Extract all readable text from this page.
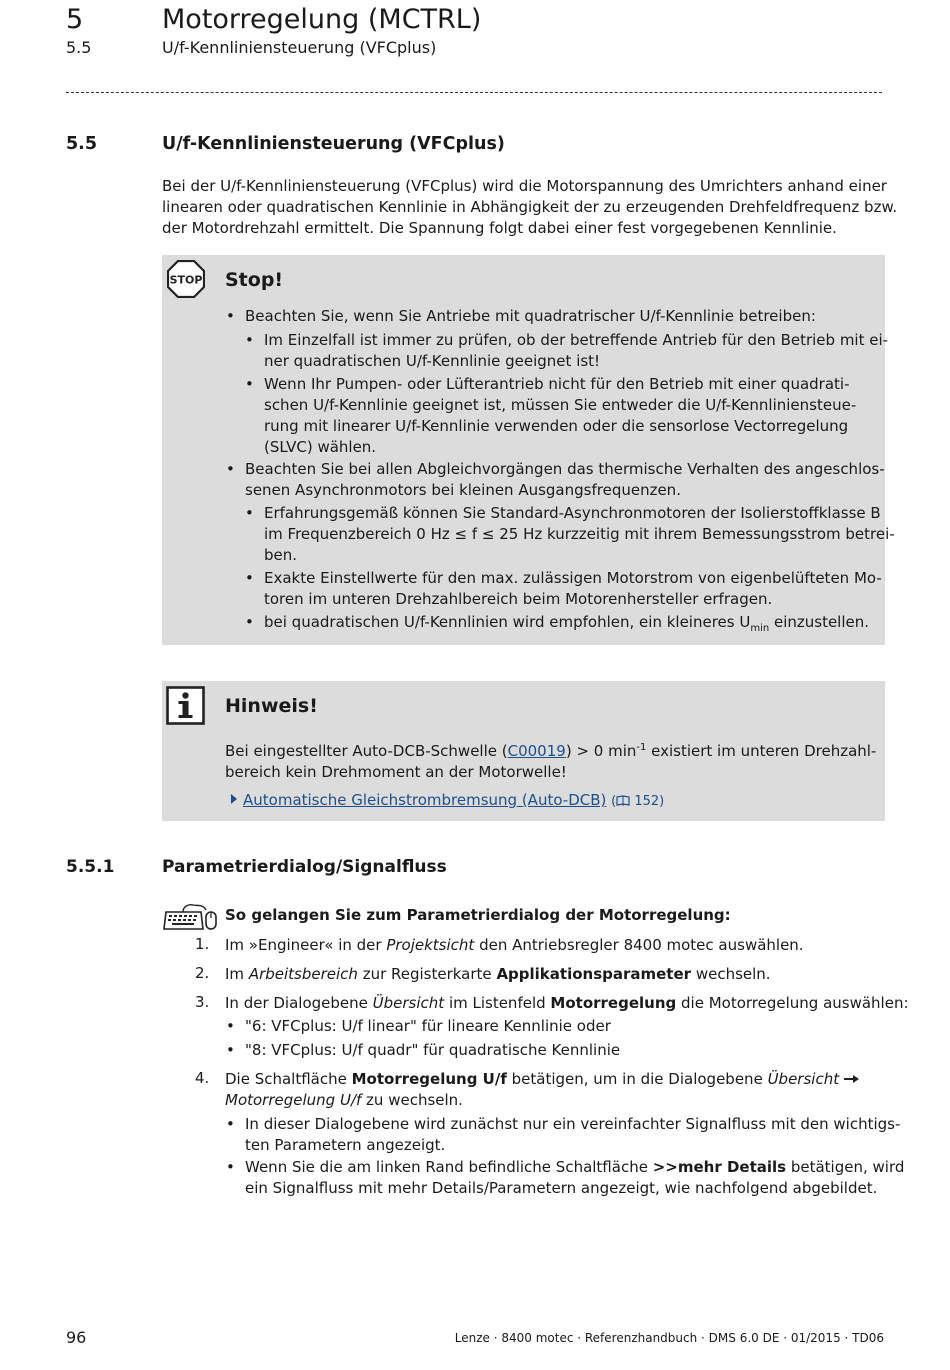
5	Motorregelung (MCTRL)
5.5	U/f-Kennliniensteuerung (VFCplus)
5.5	U/f-Kennliniensteuerung (VFCplus)
Bei der U/f-Kennliniensteuerung (VFCplus) wird die Motorspannung des Umrichters anhand einer
linearen oder quadratischen Kennlinie in Abhängigkeit der zu erzeugenden Drehfeldfrequenz bzw.
der Motordrehzahl ermittelt. Die Spannung folgt dabei einer fest vorgegebenen Kennlinie.
STOP Stop!
• Beachten Sie, wenn Sie Antriebe mit quadratrischer U/f-Kennlinie betreiben:
• Im Einzelfall ist immer zu prüfen, ob der betreffende Antrieb für den Betrieb mit ei-
ner quadratischen U/f-Kennlinie geeignet ist!
• Wenn Ihr Pumpen- oder Lüfterantrieb nicht für den Betrieb mit einer quadrati-
schen U/f-Kennlinie geeignet ist, müssen Sie entweder die U/f-Kennliniensteue-
rung mit linearer U/f-Kennlinie verwenden oder die sensorlose Vectorregelung
(SLVC) wählen.
• Beachten Sie bei allen Abgleichvorgängen das thermische Verhalten des angeschlos-
senen Asynchronmotors bei kleinen Ausgangsfrequenzen.
• Erfahrungsgemäß können Sie Standard-Asynchronmotoren der Isolierstoffklasse B
im Frequenzbereich 0 Hz ≤ f ≤ 25 Hz kurzzeitig mit ihrem Bemessungsstrom betrei-
ben.
• Exakte Einstellwerte für den max. zulässigen Motorstrom von eigenbelüfteten Mo-
toren im unteren Drehzahlbereich beim Motorenhersteller erfragen.
• bei quadratischen U/f-Kennlinien wird empfohlen, ein kleineres $U_{min}$ einzustellen.
Hinweis!
Bei eingestellter Auto-DCB-Schwelle (C00019) > 0 $\min^{-1}$ existiert im unteren Drehzahl-
bereich kein Drehmoment an der Motorwelle!
Automatische Gleichstrombremsung (Auto-DCB) ( 152)
5.5.1	Parametrierdialog/Signalfluss
So gelangen Sie zum Parametrierdialog der Motorregelung:
1. Im »Engineer« in der Projektsicht den Antriebsregler 8400 motec auswählen.
2. Im Arbeitsbereich zur Registerkarte Applikationsparameter wechseln.
3. In der Dialogebene Übersicht im Listenfeld Motorregelung die Motorregelung auswählen:
• "6: VFCplus: U/f linear" für lineare Kennlinie oder
• "8: VFCplus: U/f quadr" für quadratische Kennlinie
4. Die Schaltfläche Motorregelung U/f betätigen, um in die Dialogebene Übersicht
Motorregelung U/f zu wechseln.
• In dieser Dialogebene wird zunächst nur ein vereinfachter Signalfluss mit den wichtigs-
ten Parametern angezeigt.
• Wenn Sie die am linken Rand befindliche Schaltfläche >>mehr Details betätigen, wird
ein Signalfluss mit mehr Details/Parametern angezeigt, wie nachfolgend abgebildet.
96	Lenze · 8400 motec · Referenzhandbuch · DMS 6.0 DE · 01/2015 · TD06
